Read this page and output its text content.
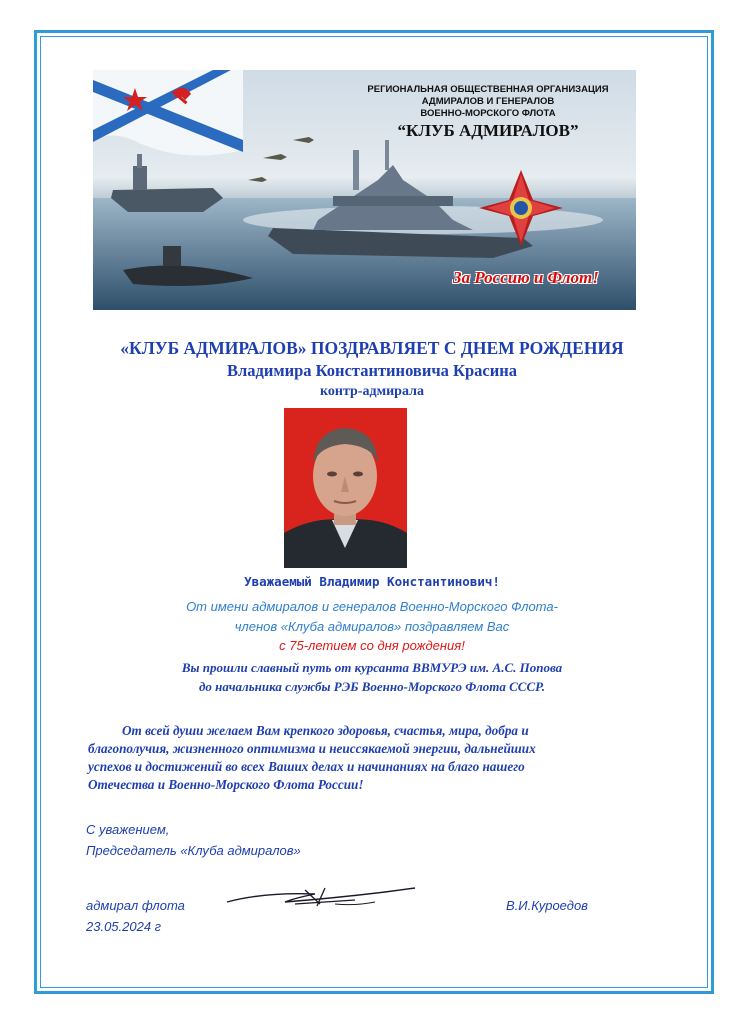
РЕГИОНАЛЬНАЯ ОБЩЕСТВЕННАЯ ОРГАНИЗАЦИЯ
АДМИРАЛОВ И ГЕНЕРАЛОВ
ВОЕННО-МОРСКОГО ФЛОТА
“КЛУБ АДМИРАЛОВ”
За Россию и Флот!
«КЛУБ АДМИРАЛОВ» ПОЗДРАВЛЯЕТ С ДНЕМ РОЖДЕНИЯ
Владимира Константиновича Красина
контр-адмирала
Уважаемый Владимир Константинович!
От имени адмиралов и генералов Военно-Морского Флота-
членов «Клуба адмиралов» поздравляем Вас
с 75-летием со дня рождения!
Вы прошли славный путь от курсанта ВВМУРЭ им. А.С. Попова
до начальника службы РЭБ Военно-Морского Флота СССР.
От всей души желаем Вам крепкого здоровья, счастья, мира, добра и
благополучия, жизненного оптимизма и неиссякаемой энергии, дальнейших
успехов и достижений во всех Ваших делах и начинаниях на благо нашего
Отечества и Военно-Морского Флота России!
С уважением,
Председатель «Клуба адмиралов»
адмирал флота
23.05.2024 г
В.И.Куроедов
